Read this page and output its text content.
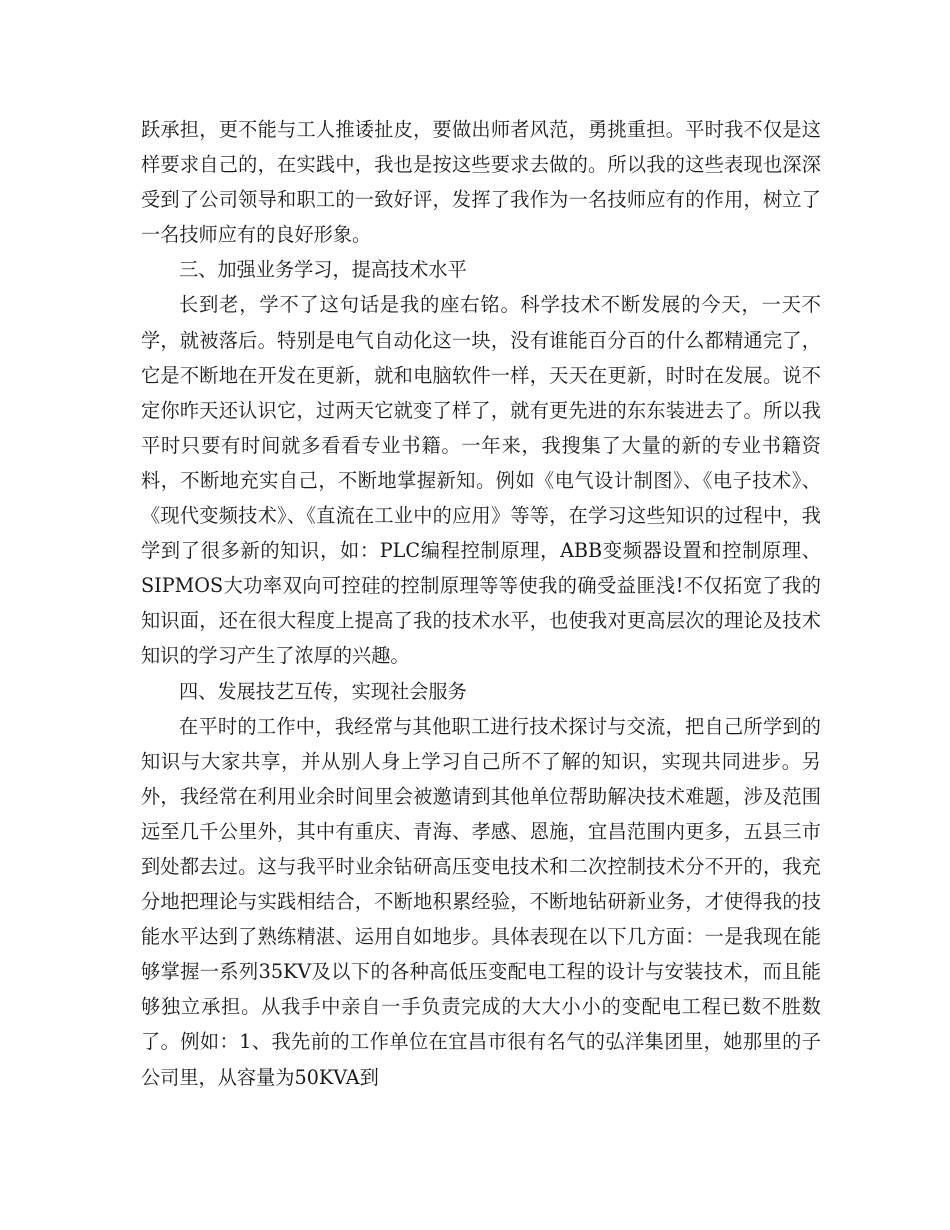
跃承担，更不能与工人推诿扯皮，要做出师者风范，勇挑重担。平时我不仅是这样要求自己的，在实践中，我也是按这些要求去做的。所以我的这些表现也深深受到了公司领导和职工的一致好评，发挥了我作为一名技师应有的作用，树立了一名技师应有的良好形象。

三、加强业务学习，提高技术水平

长到老，学不了这句话是我的座右铭。科学技术不断发展的今天，一天不学，就被落后。特别是电气自动化这一块，没有谁能百分百的什么都精通完了，它是不断地在开发在更新，就和电脑软件一样，天天在更新，时时在发展。说不定你昨天还认识它，过两天它就变了样了，就有更先进的东东装进去了。所以我平时只要有时间就多看看专业书籍。一年来，我搜集了大量的新的专业书籍资料，不断地充实自己，不断地掌握新知。例如《电气设计制图》、《电子技术》、《现代变频技术》、《直流在工业中的应用》等等，在学习这些知识的过程中，我学到了很多新的知识，如：PLC编程控制原理，ABB变频器设置和控制原理、SIPMOS大功率双向可控硅的控制原理等等使我的确受益匪浅!不仅拓宽了我的知识面，还在很大程度上提高了我的技术水平，也使我对更高层次的理论及技术知识的学习产生了浓厚的兴趣。

四、发展技艺互传，实现社会服务

在平时的工作中，我经常与其他职工进行技术探讨与交流，把自己所学到的知识与大家共享，并从别人身上学习自己所不了解的知识，实现共同进步。另外，我经常在利用业余时间里会被邀请到其他单位帮助解决技术难题，涉及范围远至几千公里外，其中有重庆、青海、孝感、恩施，宜昌范围内更多，五县三市到处都去过。这与我平时业余钻研高压变电技术和二次控制技术分不开的，我充分地把理论与实践相结合，不断地积累经验，不断地钻研新业务，才使得我的技能水平达到了熟练精湛、运用自如地步。具体表现在以下几方面：一是我现在能够掌握一系列35KV及以下的各种高低压变配电工程的设计与安装技术，而且能够独立承担。从我手中亲自一手负责完成的大大小小的变配电工程已数不胜数了。例如：1、我先前的工作单位在宜昌市很有名气的弘洋集团里，她那里的子公司里，从容量为50KVA到
